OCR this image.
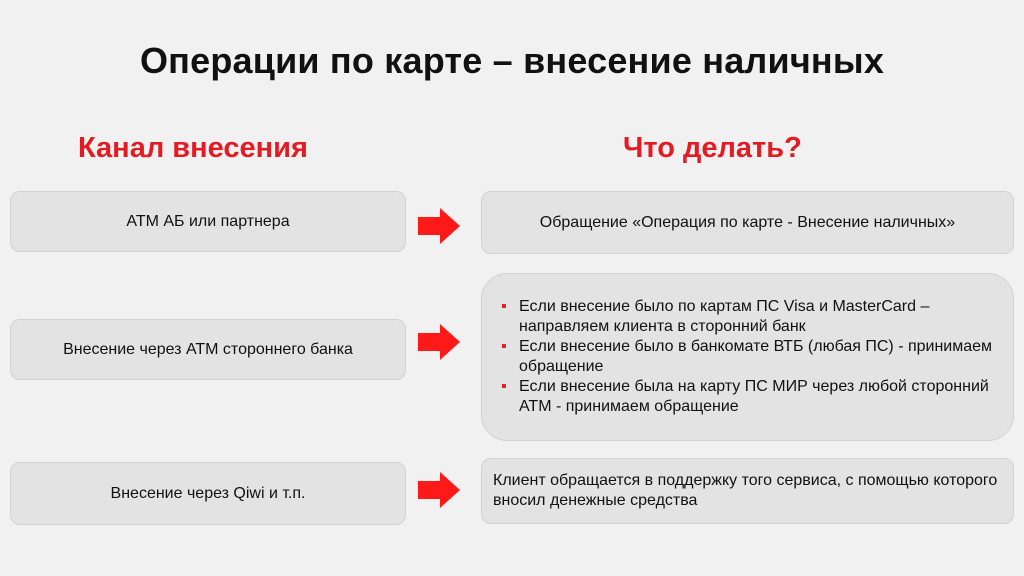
Операции по карте – внесение наличных
Канал внесения	Что делать?
АТМ АБ или партнера	Обращение «Операция по карте - Внесение наличных»
Внесение через АТМ стороннего банка
▪ Если внесение было по картам ПС Visa и MasterCard – направляем клиента в сторонний банк
▪ Если внесение было в банкомате ВТБ (любая ПС) - принимаем обращение
▪ Если внесение была на карту ПС МИР через любой сторонний АТМ - принимаем обращение
Внесение через Qiwi и т.п.
Клиент обращается в поддержку того сервиса, с помощью которого вносил денежные средства
